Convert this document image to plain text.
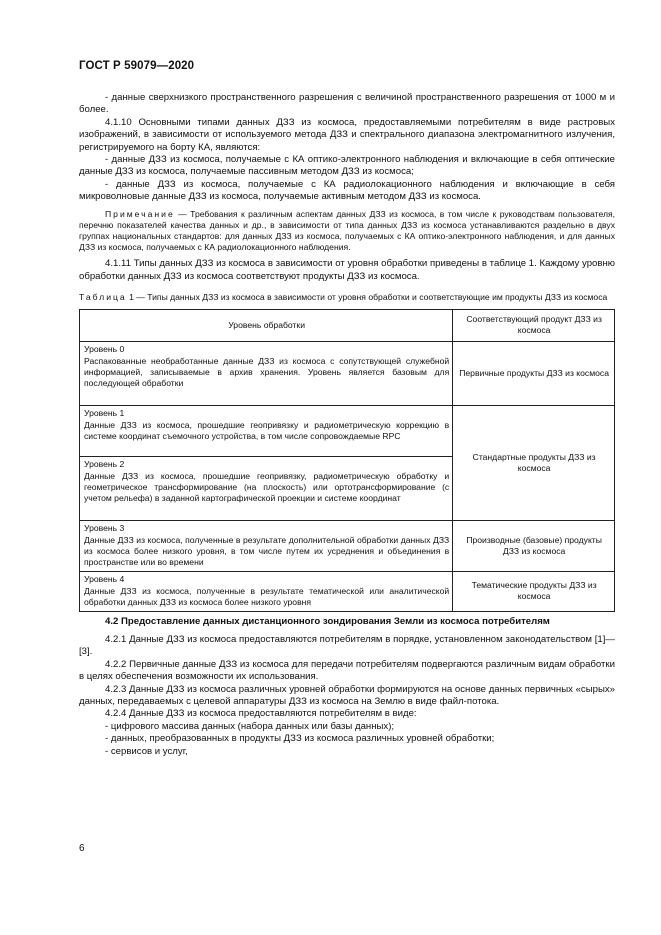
ГОСТ Р 59079—2020

- данные сверхнизкого пространственного разрешения с величиной пространственного разрешения от 1000 м и более.

4.1.10 Основными типами данных ДЗЗ из космоса, предоставляемыми потребителям в виде растровых изображений, в зависимости от используемого метода ДЗЗ и спектрального диапазона электромагнитного излучения, регистрируемого на борту КА, являются:

- данные ДЗЗ из космоса, получаемые с КА оптико-электронного наблюдения и включающие в себя оптические данные ДЗЗ из космоса, получаемые пассивным методом ДЗЗ из космоса;

- данные ДЗЗ из космоса, получаемые с КА радиолокационного наблюдения и включающие в себя микроволновые данные ДЗЗ из космоса, получаемые активным методом ДЗЗ из космоса.

Примечание — Требования к различным аспектам данных ДЗЗ из космоса, в том числе к руководствам пользователя, перечню показателей качества данных и др., в зависимости от типа данных ДЗЗ из космоса устанавливаются раздельно в двух группах национальных стандартов: для данных ДЗЗ из космоса, получаемых с КА оптико-электронного наблюдения, и для данных ДЗЗ из космоса, получаемых с КА радиолокационного наблюдения.

4.1.11 Типы данных ДЗЗ из космоса в зависимости от уровня обработки приведены в таблице 1. Каждому уровню обработки данных ДЗЗ из космоса соответствуют продукты ДЗЗ из космоса.

Таблица 1 — Типы данных ДЗЗ из космоса в зависимости от уровня обработки и соответствующие им продукты ДЗЗ из космоса

Уровень обработки	Соответствующий продукт ДЗЗ из космоса

Уровень 0
Распакованные необработанные данные ДЗЗ из космоса с сопутствующей служебной информацией, записываемые в архив хранения. Уровень является базовым для последующей обработки	Первичные продукты ДЗЗ из космоса

Уровень 1
Данные ДЗЗ из космоса, прошедшие геопривязку и радиометрическую коррекцию в системе координат съемочного устройства, в том числе сопровождаемые RPC	Стандартные продукты ДЗЗ из космоса

Уровень 2
Данные ДЗЗ из космоса, прошедшие геопривязку, радиометрическую обработку и геометрическое трансформирование (на плоскость) или ортотрансформирование (с учетом рельефа) в заданной картографической проекции и системе координат	

Уровень 3
Данные ДЗЗ из космоса, полученные в результате дополнительной обработки данных ДЗЗ из космоса более низкого уровня, в том числе путем их усреднения и объединения в пространстве или во времени	Производные (базовые) продукты ДЗЗ из космоса

Уровень 4
Данные ДЗЗ из космоса, полученные в результате тематической или аналитической обработки данных ДЗЗ из космоса более низкого уровня	Тематические продукты ДЗЗ из космоса

4.2 Предоставление данных дистанционного зондирования Земли из космоса потребителям

4.2.1 Данные ДЗЗ из космоса предоставляются потребителям в порядке, установленном законодательством [1]—[3].

4.2.2 Первичные данные ДЗЗ из космоса для передачи потребителям подвергаются различным видам обработки в целях обеспечения возможности их использования.

4.2.3 Данные ДЗЗ из космоса различных уровней обработки формируются на основе данных первичных «сырых» данных, передаваемых с целевой аппаратуры ДЗЗ из космоса на Землю в виде файл-потока.

4.2.4 Данные ДЗЗ из космоса предоставляются потребителям в виде:

- цифрового массива данных (набора данных или базы данных);

- данных, преобразованных в продукты ДЗЗ из космоса различных уровней обработки;

- сервисов и услуг,

6
